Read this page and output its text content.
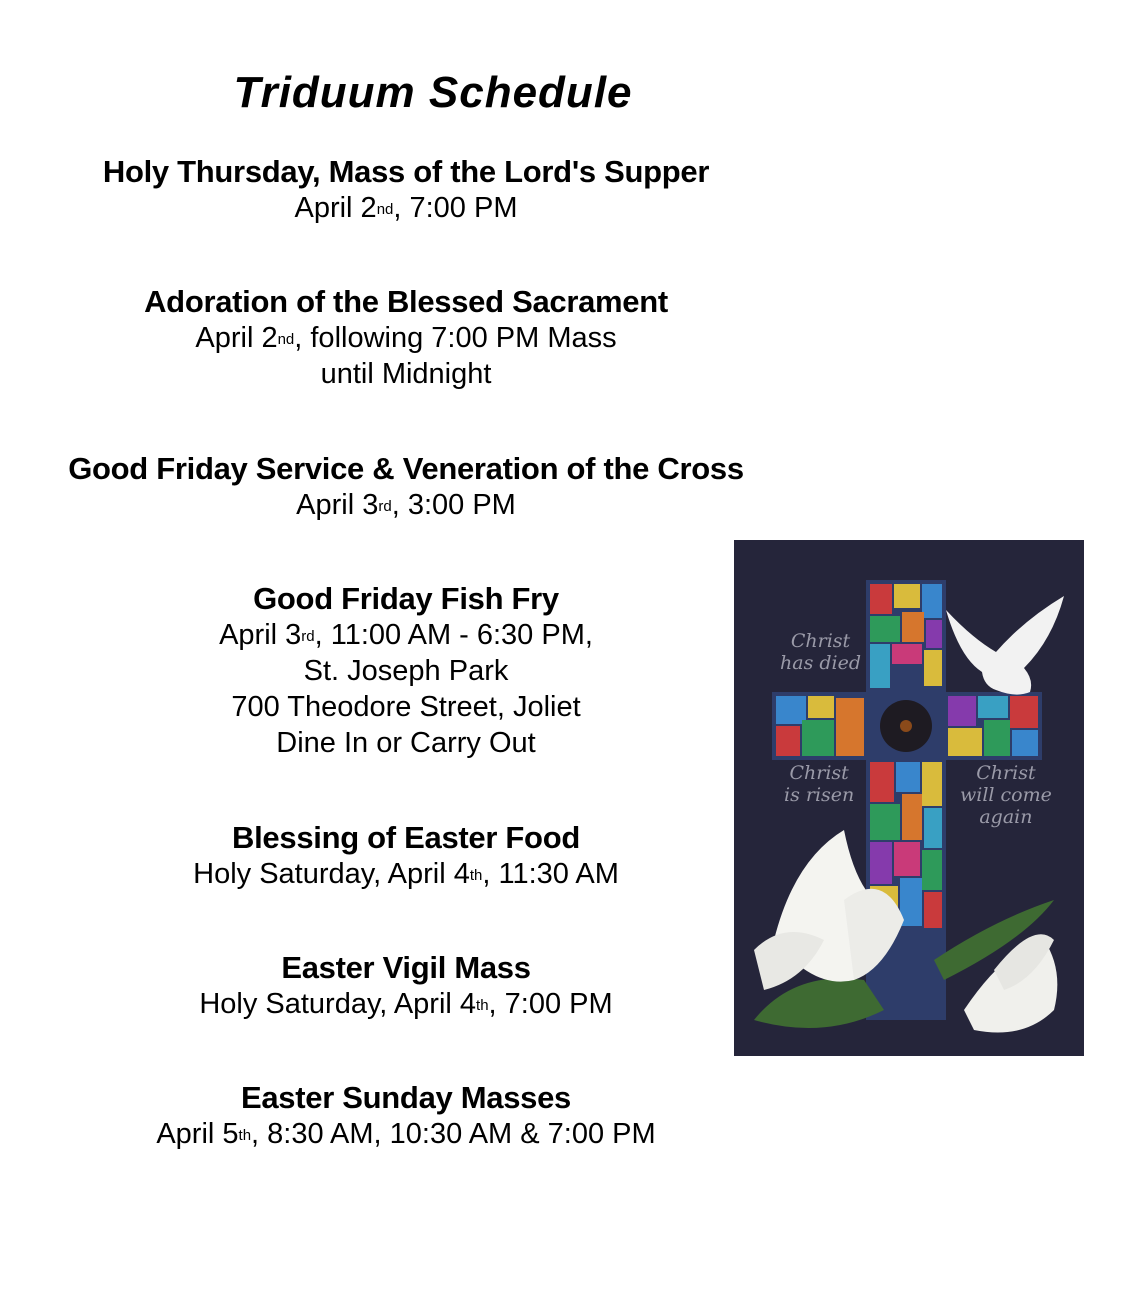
Triduum Schedule
Holy Thursday, Mass of the Lord's Supper
April 2nd, 7:00 PM
Adoration of the Blessed Sacrament
April 2nd, following 7:00 PM Mass
until Midnight
Good Friday Service & Veneration of the Cross
April 3rd, 3:00 PM
Good Friday Fish Fry
April 3rd, 11:00 AM - 6:30 PM,
St. Joseph Park
700 Theodore Street, Joliet
Dine In or Carry Out
Blessing of Easter Food
Holy Saturday, April 4th, 11:30 AM
Easter Vigil Mass
Holy Saturday, April 4th, 7:00 PM
Easter Sunday Masses
April 5th, 8:30 AM, 10:30 AM & 7:00 PM
Christ
has died
Christ
is risen
Christ
will come
again
